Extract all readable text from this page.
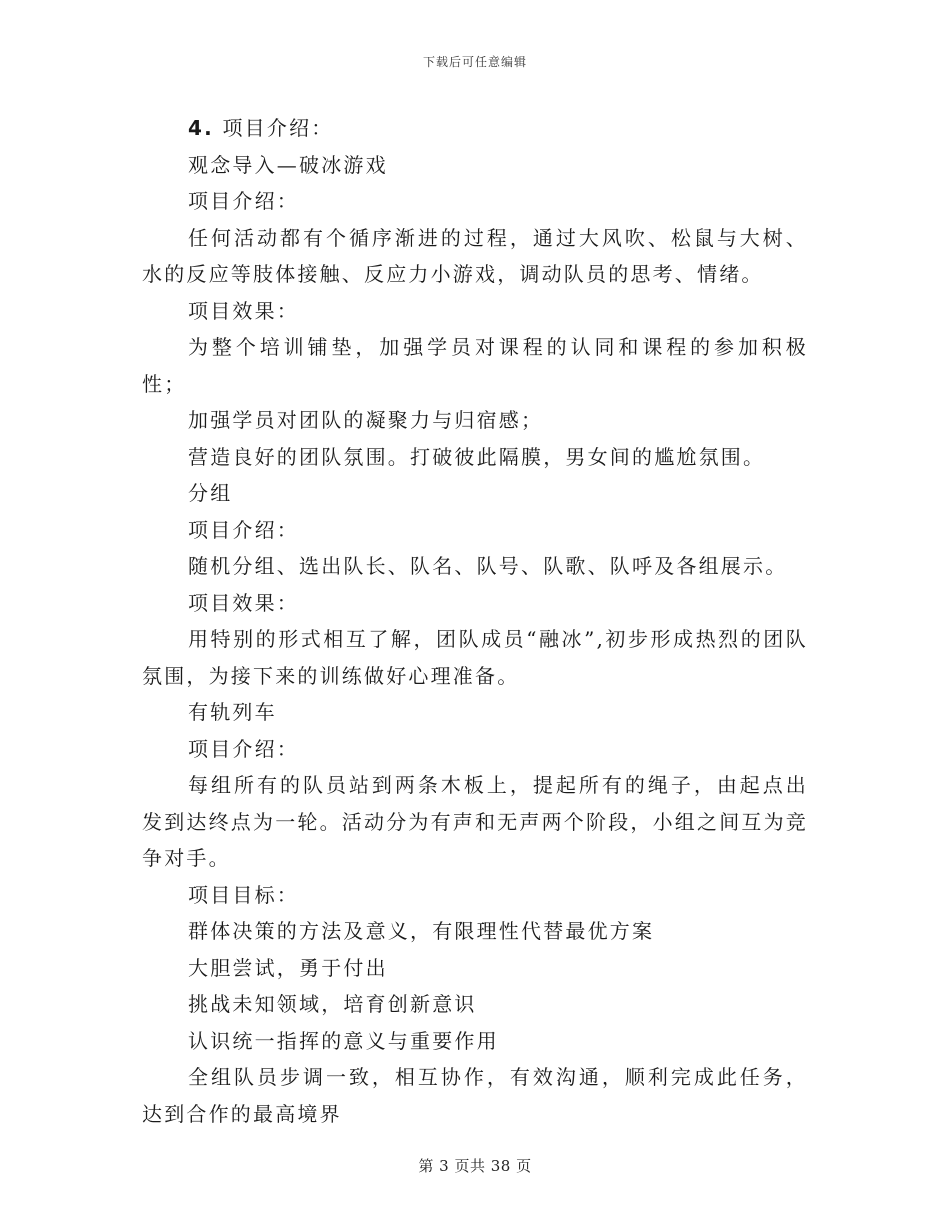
下载后可任意编辑

4. 项目介绍：

观念导入—破冰游戏

项目介绍：

任何活动都有个循序渐进的过程，通过大风吹、松鼠与大树、水的反应等肢体接触、反应力小游戏，调动队员的思考、情绪。

项目效果：

为整个培训铺垫，加强学员对课程的认同和课程的参加积极性；

加强学员对团队的凝聚力与归宿感；

营造良好的团队氛围。打破彼此隔膜，男女间的尴尬氛围。

分组

项目介绍：

随机分组、选出队长、队名、队号、队歌、队呼及各组展示。

项目效果：

用特别的形式相互了解，团队成员“融冰”,初步形成热烈的团队氛围，为接下来的训练做好心理准备。

有轨列车

项目介绍：

每组所有的队员站到两条木板上，提起所有的绳子，由起点出发到达终点为一轮。活动分为有声和无声两个阶段，小组之间互为竞争对手。

项目目标：

群体决策的方法及意义，有限理性代替最优方案

大胆尝试，勇于付出

挑战未知领域，培育创新意识

认识统一指挥的意义与重要作用

全组队员步调一致，相互协作，有效沟通，顺利完成此任务，达到合作的最高境界

第 3 页共 38 页
